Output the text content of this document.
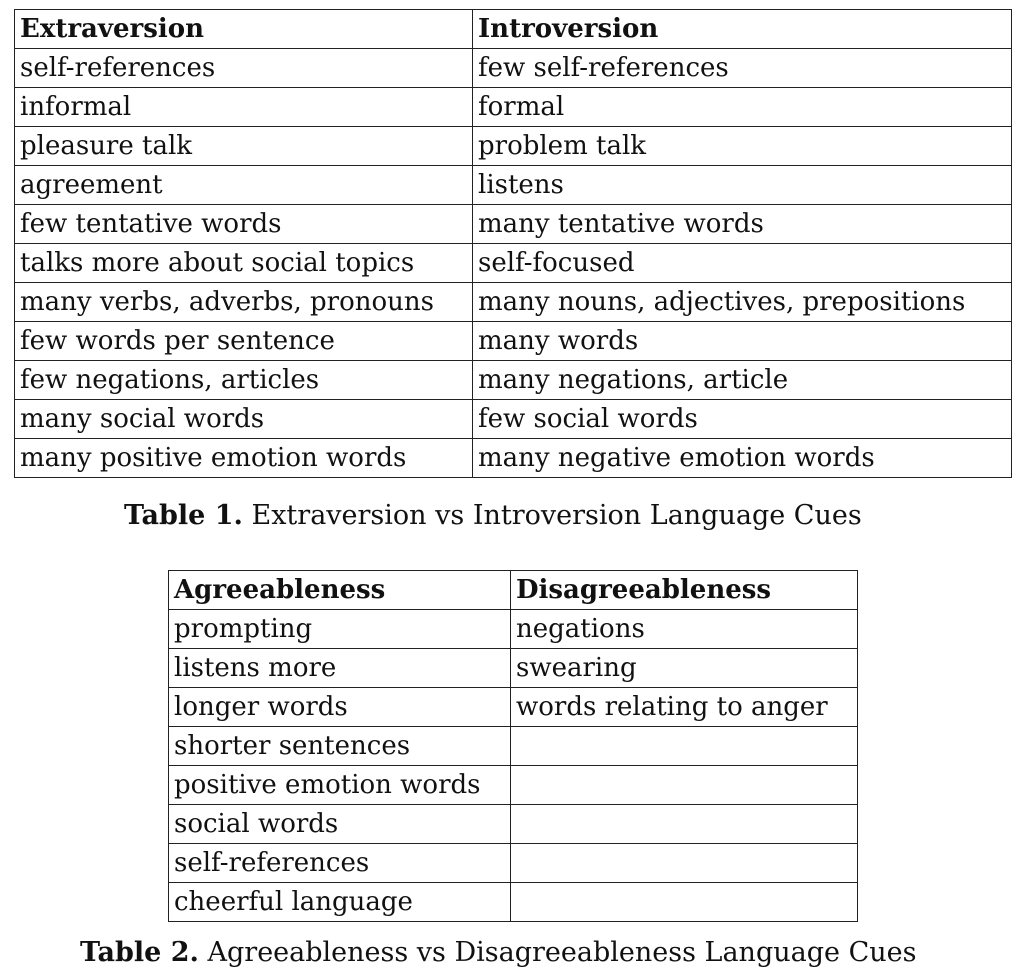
Extraversion	Introversion
self-references	few self-references
informal	formal
pleasure talk	problem talk
agreement	listens
few tentative words	many tentative words
talks more about social topics	self-focused
many verbs, adverbs, pronouns	many nouns, adjectives, prepositions
few words per sentence	many words
few negations, articles	many negations, article
many social words	few social words
many positive emotion words	many negative emotion words
Table 1. Extraversion vs Introversion Language Cues
Agreeableness	Disagreeableness
prompting	negations
listens more	swearing
longer words	words relating to anger
shorter sentences	
positive emotion words	
social words	
self-references	
cheerful language	
Table 2. Agreeableness vs Disagreeableness Language Cues
